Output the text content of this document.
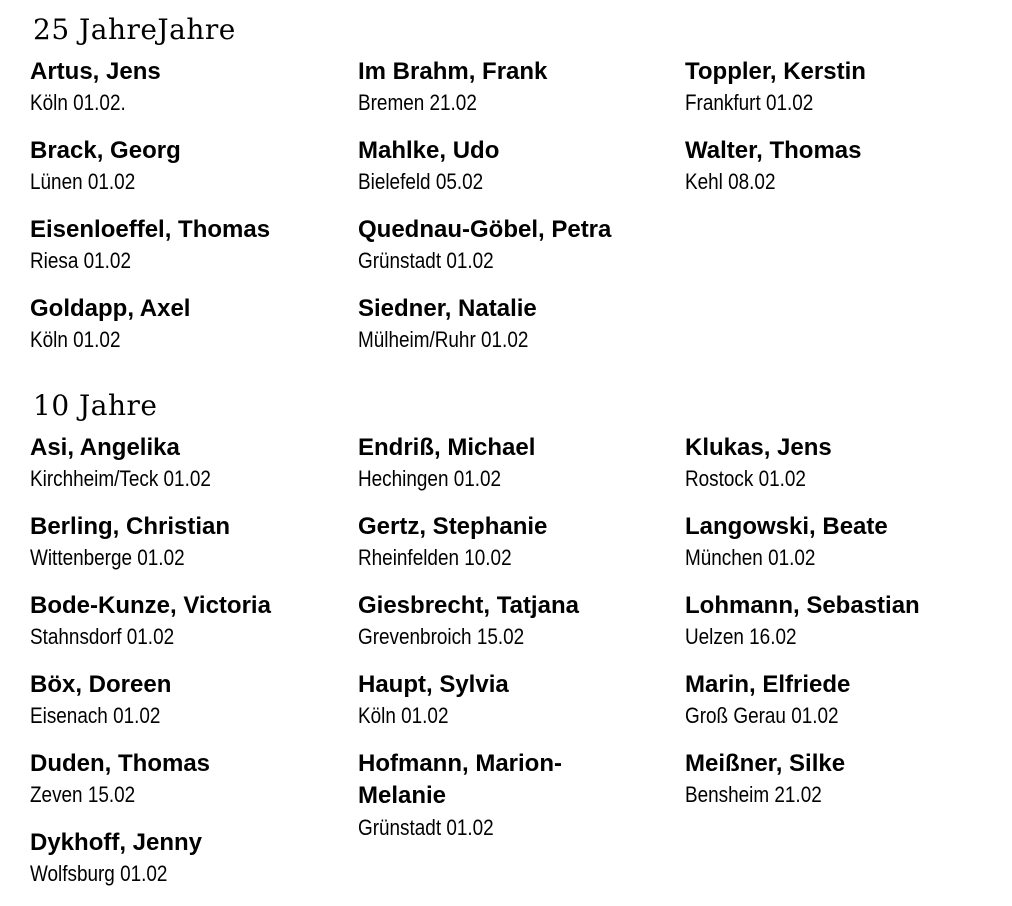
25 JahreJahre
Artus, Jens
Köln 01.02.
Brack, Georg
Lünen 01.02
Eisenloeffel, Thomas
Riesa 01.02
Goldapp, Axel
Köln 01.02
Im Brahm, Frank
Bremen 21.02
Mahlke, Udo
Bielefeld 05.02
Quednau-Göbel, Petra
Grünstadt 01.02
Siedner, Natalie
Mülheim/Ruhr 01.02
Toppler, Kerstin
Frankfurt 01.02
Walter, Thomas
Kehl 08.02
10 Jahre
Asi, Angelika
Kirchheim/Teck 01.02
Berling, Christian
Wittenberge 01.02
Bode-Kunze, Victoria
Stahnsdorf 01.02
Böx, Doreen
Eisenach 01.02
Duden, Thomas
Zeven 15.02
Dykhoff, Jenny
Wolfsburg 01.02
Endriß, Michael
Hechingen 01.02
Gertz, Stephanie
Rheinfelden 10.02
Giesbrecht, Tatjana
Grevenbroich 15.02
Haupt, Sylvia
Köln 01.02
Hofmann, Marion-Melanie
Grünstadt 01.02
Klukas, Jens
Rostock 01.02
Langowski, Beate
München 01.02
Lohmann, Sebastian
Uelzen 16.02
Marin, Elfriede
Groß Gerau 01.02
Meißner, Silke
Bensheim 21.02
